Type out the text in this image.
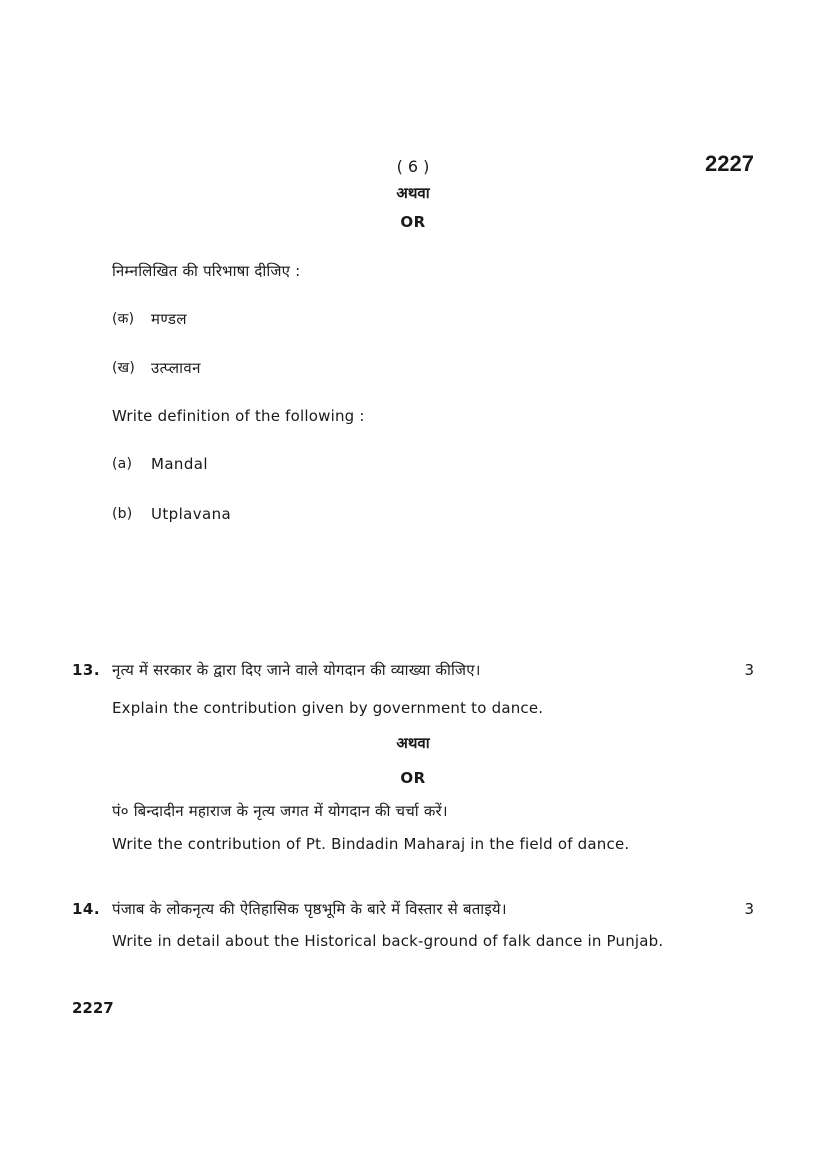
( 6 )	2227
अथवा
OR
निम्नलिखित की परिभाषा दीजिए :
(क) मण्डल
(ख) उत्प्लावन
Write definition of the following :
(a) Mandal
(b) Utplavana
13. नृत्य में सरकार के द्वारा दिए जाने वाले योगदान की व्याख्या कीजिए।	3
Explain the contribution given by government to dance.
अथवा
OR
पं० बिन्दादीन महाराज के नृत्य जगत में योगदान की चर्चा करें।
Write the contribution of Pt. Bindadin Maharaj in the field of dance.
14. पंजाब के लोकनृत्य की ऐतिहासिक पृष्ठभूमि के बारे में विस्तार से बताइये।	3
Write in detail about the Historical back-ground of falk dance in Punjab.
2227
